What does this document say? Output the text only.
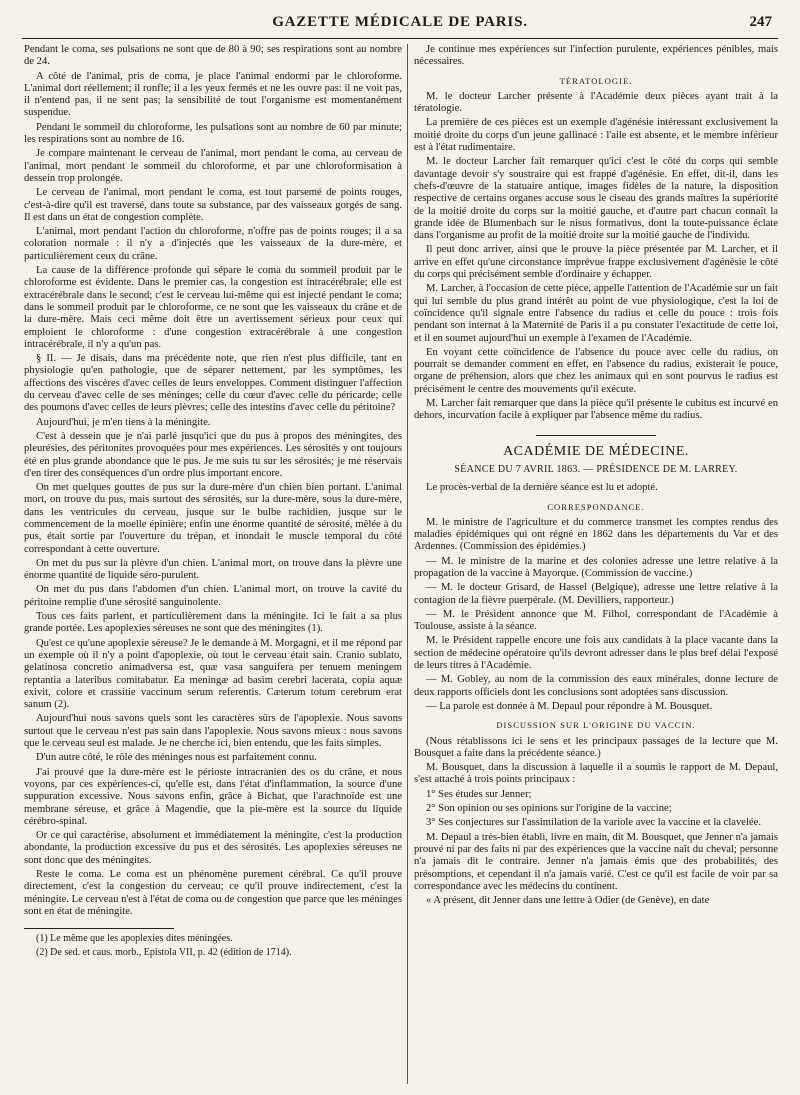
GAZETTE MÉDICALE DE PARIS.	247

Pendant le coma, ses pulsations ne sont que de 80 à 90; ses respirations sont au nombre de 24.

A côté de l'animal, pris de coma, je place l'animal endormi par le chloroforme. L'animal dort réellement; il ronfle; il a les yeux fermés et ne les ouvre pas: il ne voit pas, il n'entend pas, il ne sent pas; la sensibilité de tout l'organisme est momentanément suspendue.

Pendant le sommeil du chloroforme, les pulsations sont au nombre de 60 par minute; les respirations sont au nombre de 16.

Je compare maintenant le cerveau de l'animal, mort pendant le coma, au cerveau de l'animal, mort pendant le sommeil du chloroforme, et par une chloroformisation à dessein trop prolongée.

Le cerveau de l'animal, mort pendant le coma, est tout parsemé de points rouges, c'est-à-dire qu'il est traversé, dans toute sa substance, par des vaisseaux gorgés de sang. Il est dans un état de congestion complète.

L'animal, mort pendant l'action du chloroforme, n'offre pas de points rouges; il a sa coloration normale : il n'y a d'injectés que les vaisseaux de la dure-mère, et particulièrement ceux du crâne.

La cause de la différence profonde qui sépare le coma du sommeil produit par le chloroforme est évidente. Dans le premier cas, la congestion est intracérébrale; elle est extracérébrale dans le second; c'est le cerveau lui-même qui est injecté pendant le coma; dans le sommeil produit par le chloroforme, ce ne sont que les vaisseaux du crâne et de la dure-mère. Mais ceci même doit être un avertissement sérieux pour ceux qui emploient le chloroforme : d'une congestion extracérébrale à une congestion intracérébrale, il n'y a qu'un pas.

§ II. — Je disais, dans ma précédente note, que rien n'est plus difficile, tant en physiologie qu'en pathologie, que de séparer nettement, par les symptômes, les affections des viscères d'avec celles de leurs enveloppes. Comment distinguer l'affection du cerveau d'avec celle de ses méninges; celle du cœur d'avec celle du péricarde; celle des poumons d'avec celles de leurs plèvres; celle des intestins d'avec celle du péritoine?

Aujourd'hui, je m'en tiens à la méningite.

C'est à dessein que je n'ai parlé jusqu'ici que du pus à propos des méningites, des pleurésies, des péritonites provoquées pour mes expériences. Les sérosités y ont toujours été en plus grande abondance que le pus. Je me suis tu sur les sérosités; je me réservais d'en tirer des conséquences d'un ordre plus important encore.

On met quelques gouttes de pus sur la dure-mère d'un chien bien portant. L'animal mort, on trouve du pus, mais surtout des sérosités, sur la dure-mère, sous la dure-mère, dans les ventricules du cerveau, jusque sur le bulbe rachidien, jusque sur le commencement de la moelle épinière; enfin une énorme quantité de sérosité, mêlée à du pus, était sortie par l'ouverture du trépan, et inondait le muscle temporal du côté correspondant à cette ouverture.

On met du pus sur la plèvre d'un chien. L'animal mort, on trouve dans la plèvre une énorme quantité de liquide séro-purulent.

On met du pus dans l'abdomen d'un chien. L'animal mort, on trouve la cavité du péritoine remplie d'une sérosité sanguinolente.

Tous ces faits parlent, et particulièrement dans la méningite. Ici le fait a sa plus grande portée. Les apoplexies séreuses ne sont que des méningites (1).

Qu'est ce qu'une apoplexie séreuse? Je le demande à M. Morgagni, et il me répond par un exemple où il n'y a point d'apoplexie, où tout le cerveau était sain. Cranio sublato, gelatinosa concretio animadversa est, quæ vasa sanguifera per tenuem meningem reptantia a lateribus comitabatur. Ea meningæ ad basim cerebri lacerata, copia aquæ exivit, colore et crassitie vaccinum serum referentis. Cæterum totum cerebrum erat sanum (2).

Aujourd'hui nous savons quels sont les caractères sûrs de l'apoplexie. Nous savons surtout que le cerveau n'est pas sain dans l'apoplexie. Nous savons mieux : nous savons que le cerveau seul est malade. Je ne cherche ici, bien entendu, que les faits simples.

D'un autre côté, le rôle des méninges nous est parfaitement connu.

J'ai prouvé que la dure-mère est le périoste intracranien des os du crâne, et nous voyons, par ces expériences-ci, qu'elle est, dans l'état d'inflammation, la source d'une suppuration excessive. Nous savons enfin, grâce à Bichat, que l'arachnoïde est une membrane séreuse, et grâce à Magendie, que la pie-mère est la source du liquide cérébro-spinal.

Or ce qui caractérise, absolument et immédiatement la méningite, c'est la production abondante, la production excessive du pus et des sérosités. Les apoplexies séreuses ne sont donc que des méningites.

Reste le coma. Le coma est un phénomène purement cérébral. Ce qu'il prouve directement, c'est la congestion du cerveau; ce qu'il prouve indirectement, c'est la méningite. Le cerveau n'est à l'état de coma ou de congestion que parce que les méninges sont en état de méningite.

(1) Le même que les apoplexies dites méningées.

(2) De sed. et caus. morb., Epistola VII, p. 42 (édition de 1714).

Je continue mes expériences sur l'infection purulente, expériences pénibles, mais nécessaires.

TÉRATOLOGIE.

M. le docteur Larcher présente à l'Académie deux pièces ayant trait à la tératologie.

La première de ces pièces est un exemple d'agénésie intéressant exclusivement la moitié droite du corps d'un jeune gallinacé : l'aile est absente, et le membre inférieur est à l'état rudimentaire.

M. le docteur Larcher fait remarquer qu'ici c'est le côté du corps qui semble davantage devoir s'y soustraire qui est frappé d'agénésie. En effet, dit-il, dans les chefs-d'œuvre de la statuaire antique, images fidèles de la nature, la disposition respective de certains organes accuse sous le ciseau des grands maîtres la supériorité de la moitié droite du corps sur la moitié gauche, et d'autre part chacun connaît la grande idée de Blumenbach sur le nisus formativus, dont la toute-puissance éclate dans l'organisme au profit de la moitié droite sur la moitié gauche de l'individu.

Il peut donc arriver, ainsi que le prouve la pièce présentée par M. Larcher, et il arrive en effet qu'une circonstance imprévue frappe exclusivement d'agénésie le côté du corps qui précisément semble d'ordinaire y échapper.

M. Larcher, à l'occasion de cette pièce, appelle l'attention de l'Académie sur un fait qui lui semble du plus grand intérêt au point de vue physiologique, c'est la loi de coïncidence qu'il signale entre l'absence du radius et celle du pouce : trois fois pendant son internat à la Maternité de Paris il a pu constater l'exactitude de cette loi, et il en soumet aujourd'hui un exemple à l'examen de l'Académie.

En voyant cette coïncidence de l'absence du pouce avec celle du radius, on pourrait se demander comment en effet, en l'absence du radius, existerait le pouce, organe de préhension, alors que chez les animaux qui en sont pourvus le radius est précisément le centre des mouvements qu'il exécute.

M. Larcher fait remarquer que dans la pièce qu'il présente le cubitus est incurvé en dehors, incurvation facile à expliquer par l'absence même du radius.

ACADÉMIE DE MÉDECINE.
SÉANCE DU 7 AVRIL 1863. — PRÉSIDENCE DE M. LARREY.

Le procès-verbal de la dernière séance est lu et adopté.

CORRESPONDANCE.

M. le ministre de l'agriculture et du commerce transmet les comptes rendus des maladies épidémiques qui ont régné en 1862 dans les départements du Var et des Ardennes. (Commission des épidémies.)

— M. le ministre de la marine et des colonies adresse une lettre relative à la propagation de la vaccine à Mayorque. (Commission de vaccine.)

— M. le docteur Grisard, de Hassel (Belgique), adresse une lettre relative à la contagion de la fièvre puerpérale. (M. Devilliers, rapporteur.)

— M. le Président annonce que M. Filhol, correspondant de l'Académie à Toulouse, assiste à la séance.

M. le Président rappelle encore une fois aux candidats à la place vacante dans la section de médecine opératoire qu'ils devront adresser dans le plus bref délai l'exposé de leurs titres à l'Académie.

— M. Gobley, au nom de la commission des eaux minérales, donne lecture de deux rapports officiels dont les conclusions sont adoptées sans discussion.

— La parole est donnée à M. Depaul pour répondre à M. Bousquet.

DISCUSSION SUR L'ORIGINE DU VACCIN.

(Nous rétablissons ici le sens et les principaux passages de la lecture que M. Bousquet a faite dans la précédente séance.)

M. Bousquet, dans la discussion à laquelle il a soumis le rapport de M. Depaul, s'est attaché à trois points principaux :

1° Ses études sur Jenner;

2° Son opinion ou ses opinions sur l'origine de la vaccine;

3° Ses conjectures sur l'assimilation de la variole avec la vaccine et la clavelée.

M. Depaul a très-bien établi, livre en main, dit M. Bousquet, que Jenner n'a jamais prouvé ni par des faits ni par des expériences que la vaccine naît du cheval; personne n'a jamais dit le contraire. Jenner n'a jamais émis que des probabilités, des présomptions, et cependant il n'a jamais varié. C'est ce qu'il est facile de voir par sa correspondance avec les médecins du continent.

« A présent, dit Jenner dans une lettre à Odier (de Genève), en date
